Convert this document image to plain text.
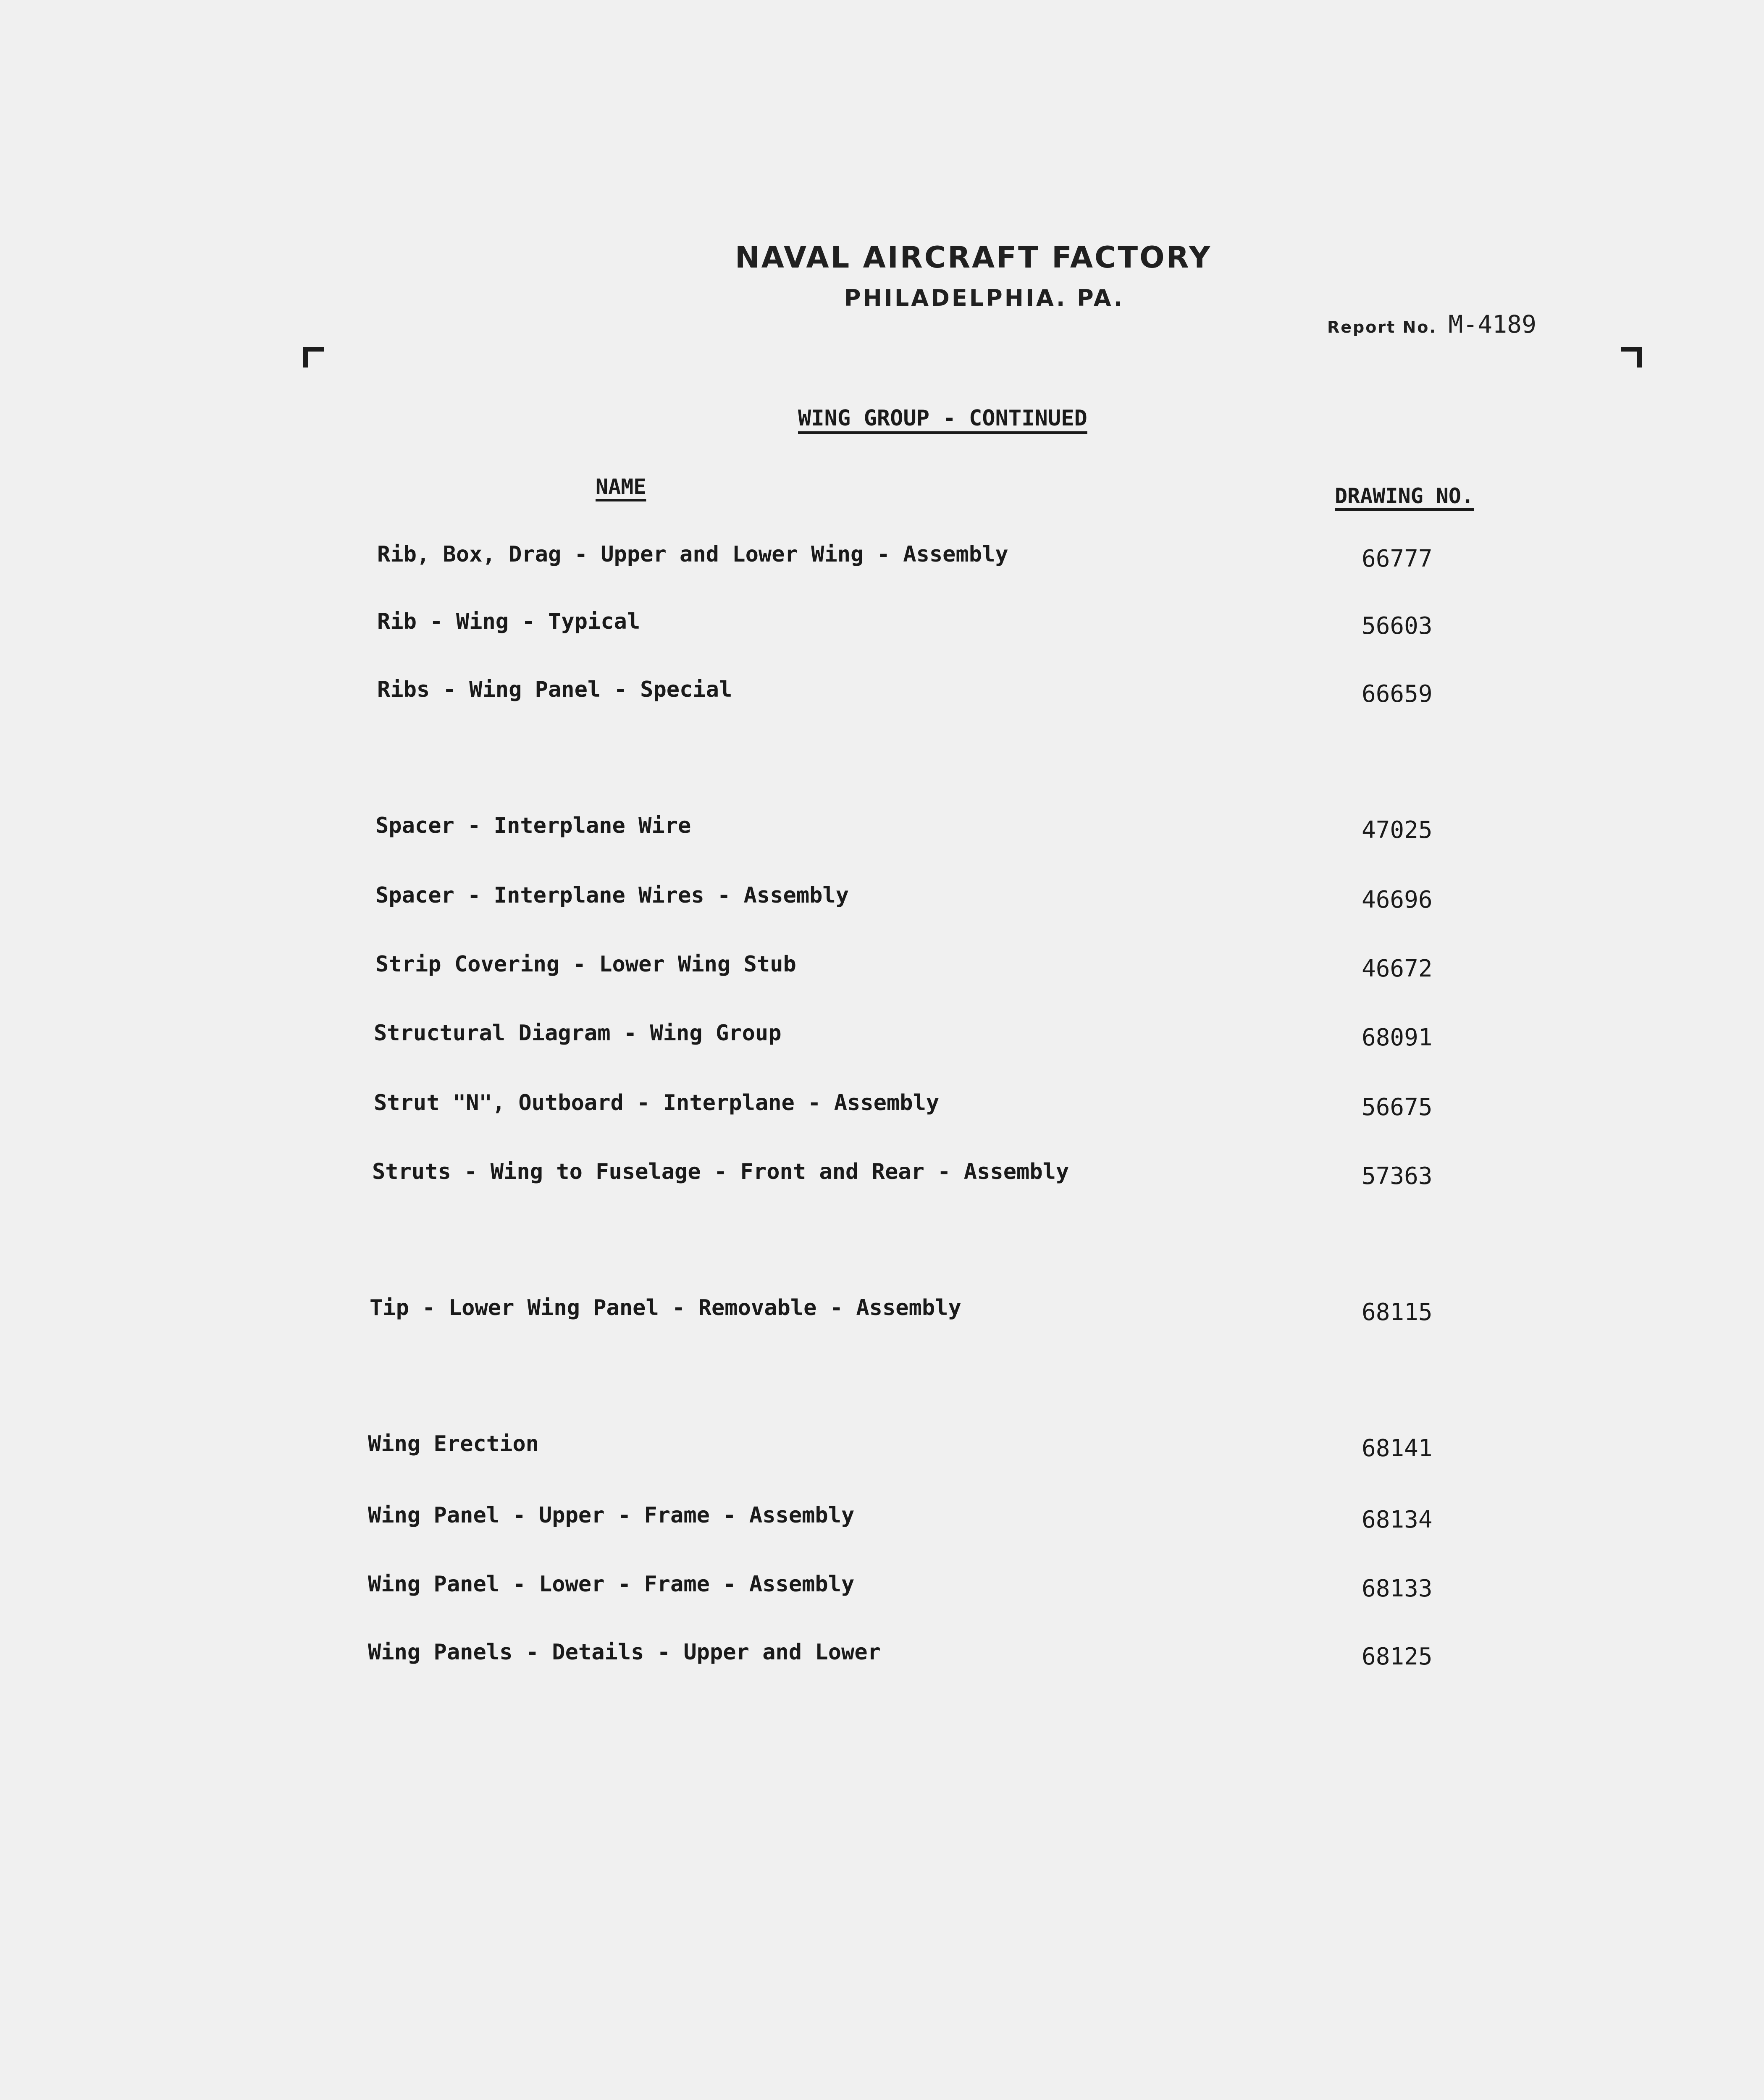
NAVAL AIRCRAFT FACTORY
PHILADELPHIA. PA.
Report No. M-4189
WING GROUP - CONTINUED
NAME	DRAWING NO.
Rib, Box, Drag - Upper and Lower Wing - Assembly	66777
Rib - Wing - Typical	56603
Ribs - Wing Panel - Special	66659
Spacer - Interplane Wire	47025
Spacer - Interplane Wires - Assembly	46696
Strip Covering - Lower Wing Stub	46672
Structural Diagram - Wing Group	68091
Strut "N", Outboard - Interplane - Assembly	56675
Struts - Wing to Fuselage - Front and Rear - Assembly	57363
Tip - Lower Wing Panel - Removable - Assembly	68115
Wing Erection	68141
Wing Panel - Upper - Frame - Assembly	68134
Wing Panel - Lower - Frame - Assembly	68133
Wing Panels - Details - Upper and Lower	68125
